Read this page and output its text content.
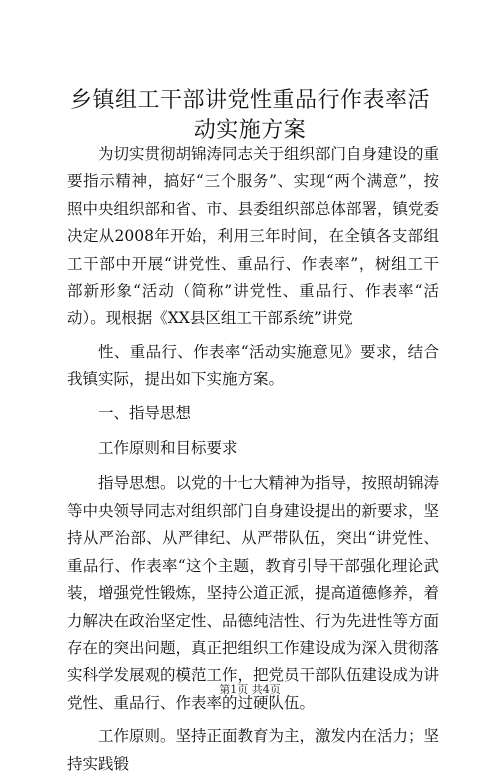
乡镇组工干部讲党性重品行作表率活动实施方案

为切实贯彻胡锦涛同志关于组织部门自身建设的重要指示精神，搞好“三个服务”、实现“两个满意”，按照中央组织部和省、市、县委组织部总体部署，镇党委决定从2008年开始，利用三年时间，在全镇各支部组工干部中开展“讲党性、重品行、作表率”，树组工干部新形象“活动（简称”讲党性、重品行、作表率“活动）。现根据《XX县区组工干部系统”讲党

性、重品行、作表率“活动实施意见》要求，结合我镇实际，提出如下实施方案。

一、指导思想

工作原则和目标要求

指导思想。以党的十七大精神为指导，按照胡锦涛等中央领导同志对组织部门自身建设提出的新要求，坚持从严治部、从严律纪、从严带队伍，突出“讲党性、重品行、作表率“这个主题，教育引导干部强化理论武装，增强党性锻炼，坚持公道正派，提高道德修养，着力解决在政治坚定性、品德纯洁性、行为先进性等方面存在的突出问题，真正把组织工作建设成为深入贯彻落实科学发展观的模范工作，把党员干部队伍建设成为讲党性、重品行、作表率的过硬队伍。

工作原则。坚持正面教育为主，激发内在活力；坚持实践锻

第1页 共4页
